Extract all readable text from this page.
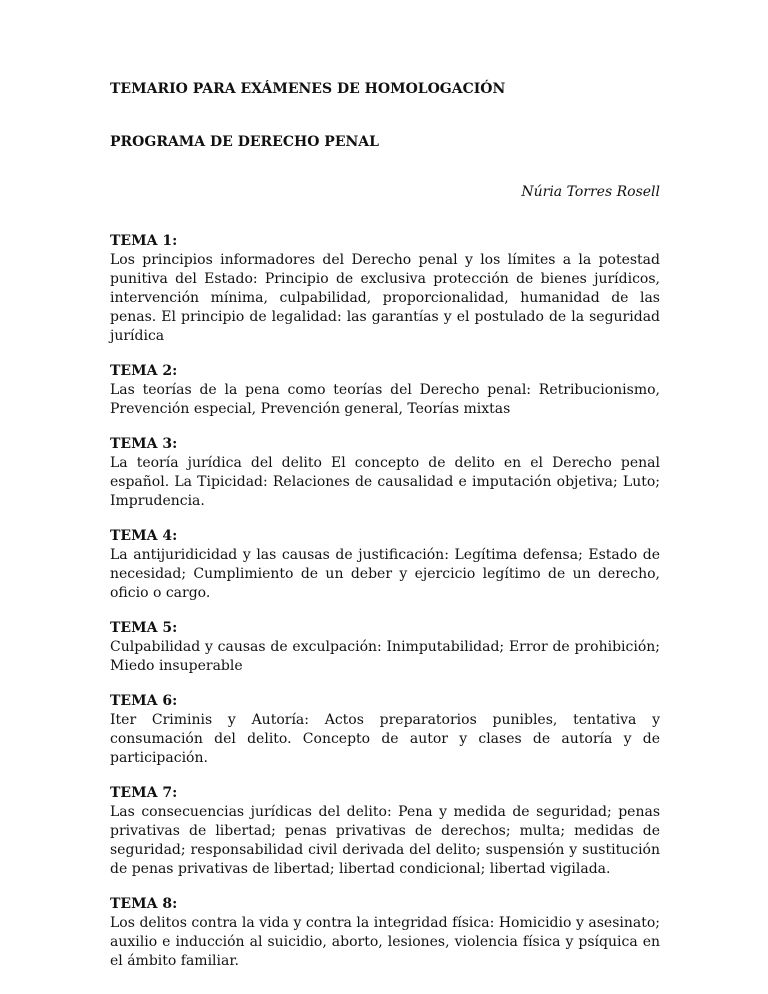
TEMARIO PARA EXÁMENES DE HOMOLOGACIÓN
PROGRAMA DE DERECHO PENAL
Núria Torres Rosell
TEMA 1:
Los principios informadores del Derecho penal y los límites a la potestad punitiva del Estado: Principio de exclusiva protección de bienes jurídicos, intervención mínima, culpabilidad, proporcionalidad, humanidad de las penas. El principio de legalidad: las garantías y el postulado de la seguridad jurídica
TEMA 2:
Las teorías de la pena como teorías del Derecho penal: Retribucionismo, Prevención especial, Prevención general, Teorías mixtas
TEMA 3:
La teoría jurídica del delito El concepto de delito en el Derecho penal español. La Tipicidad: Relaciones de causalidad e imputación objetiva; Luto; Imprudencia.
TEMA 4:
La antijuridicidad y las causas de justificación: Legítima defensa; Estado de necesidad; Cumplimiento de un deber y ejercicio legítimo de un derecho, oficio o cargo.
TEMA 5:
Culpabilidad y causas de exculpación: Inimputabilidad; Error de prohibición; Miedo insuperable
TEMA 6:
Iter Criminis y Autoría: Actos preparatorios punibles, tentativa y consumación del delito. Concepto de autor y clases de autoría y de participación.
TEMA 7:
Las consecuencias jurídicas del delito: Pena y medida de seguridad; penas privativas de libertad; penas privativas de derechos; multa; medidas de seguridad; responsabilidad civil derivada del delito; suspensión y sustitución de penas privativas de libertad; libertad condicional; libertad vigilada.
TEMA 8:
Los delitos contra la vida y contra la integridad física: Homicidio y asesinato; auxilio e inducción al suicidio, aborto, lesiones, violencia física y psíquica en el ámbito familiar.
